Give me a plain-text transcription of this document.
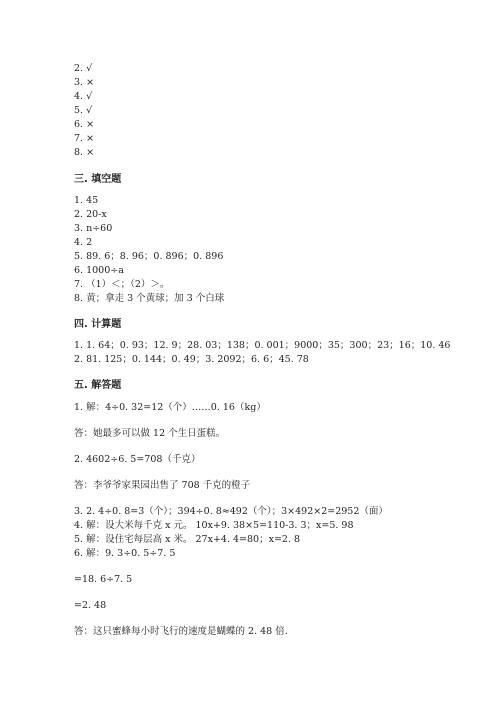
2. √
3. ×
4. √
5. √
6. ×
7. ×
8. ×
三. 填空题
1. 45
2. 20-x
3. n÷60
4. 2
5. 89. 6；8. 96；0. 896；0. 896
6. 1000÷a
7. （1）＜；（2）＞。
8. 黄；拿走 3 个黄球；加 3 个白球
四. 计算题
1. 1. 64；0. 93；12. 9；28. 03；138；0. 001；9000；35；300；23；16；10. 46
2. 81. 125；0. 144；0. 49；3. 2092；6. 6；45. 78
五. 解答题
1. 解：4÷0. 32=12（个）……0. 16（kg）
答：她最多可以做 12 个生日蛋糕。
2. 4602÷6. 5=708（千克）
答：李爷爷家果园出售了 708 千克的橙子
3. 2. 4÷0. 8=3（个）；394÷0. 8≈492（个）；3×492×2=2952（面）
4. 解：设大米每千克 x 元。 10x+9. 38×5=110-3. 3；x=5. 98
5. 解：设住宅每层高 x 米。 27x+4. 4=80；x=2. 8
6. 解：9. 3÷0. 5÷7. 5
=18. 6÷7. 5
=2. 48
答：这只蜜蜂每小时飞行的速度是蝴蝶的 2. 48 倍.
